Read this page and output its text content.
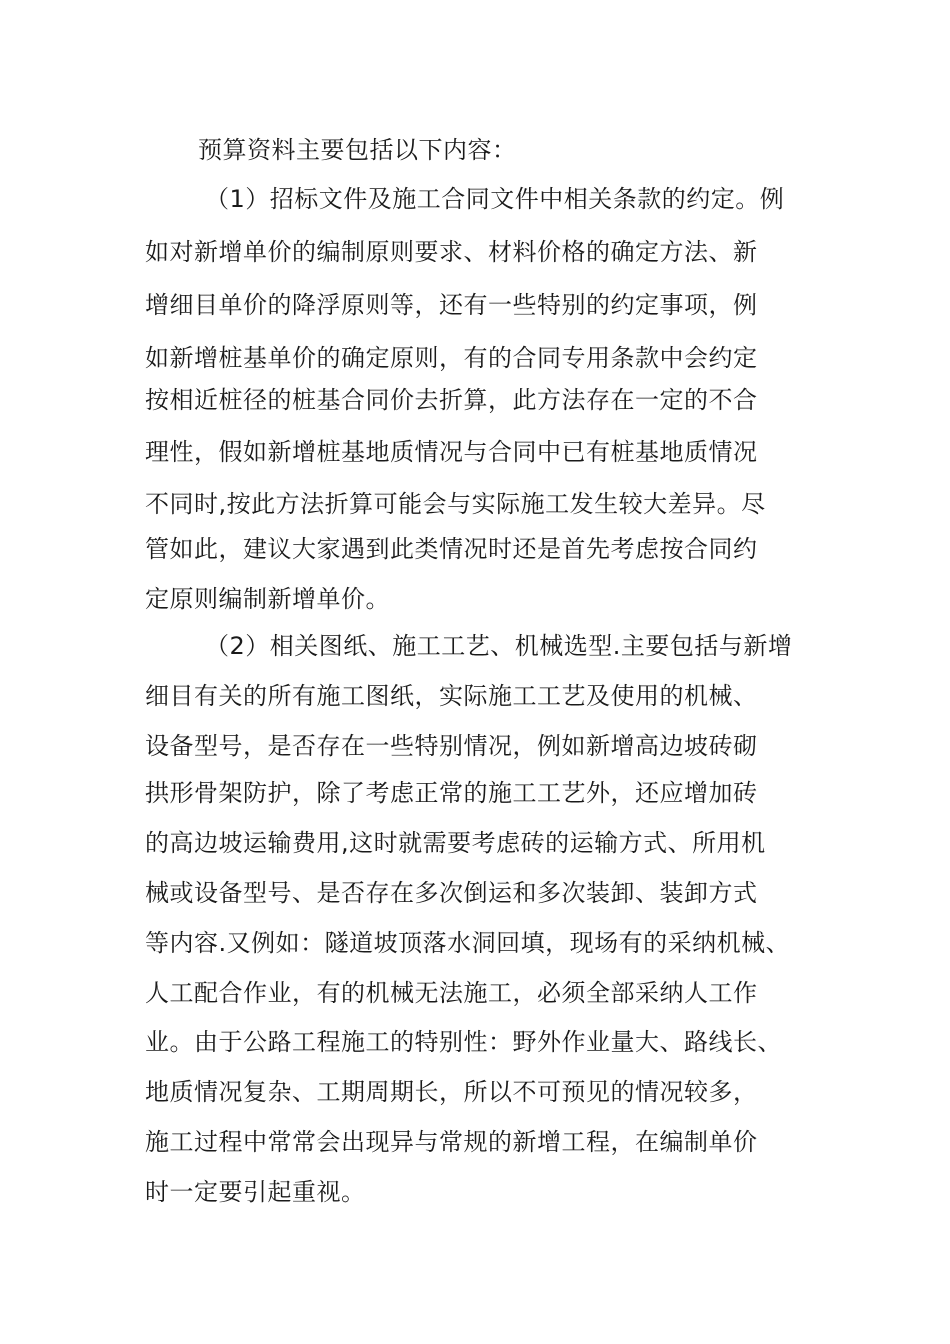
预算资料主要包括以下内容：

（1）招标文件及施工合同文件中相关条款的约定。例

如对新增单价的编制原则要求、材料价格的确定方法、新

增细目单价的降浮原则等，还有一些特别的约定事项，例

如新增桩基单价的确定原则，有的合同专用条款中会约定

按相近桩径的桩基合同价去折算，此方法存在一定的不合

理性，假如新增桩基地质情况与合同中已有桩基地质情况

不同时,按此方法折算可能会与实际施工发生较大差异。尽

管如此，建议大家遇到此类情况时还是首先考虑按合同约

定原则编制新增单价。

（2）相关图纸、施工工艺、机械选型.主要包括与新增

细目有关的所有施工图纸，实际施工工艺及使用的机械、

设备型号，是否存在一些特别情况，例如新增高边坡砖砌

拱形骨架防护，除了考虑正常的施工工艺外，还应增加砖

的高边坡运输费用,这时就需要考虑砖的运输方式、所用机

械或设备型号、是否存在多次倒运和多次装卸、装卸方式

等内容.又例如：隧道坡顶落水洞回填，现场有的采纳机械、

人工配合作业，有的机械无法施工，必须全部采纳人工作

业。由于公路工程施工的特别性：野外作业量大、路线长、

地质情况复杂、工期周期长，所以不可预见的情况较多，

施工过程中常常会出现异与常规的新增工程，在编制单价

时一定要引起重视。
